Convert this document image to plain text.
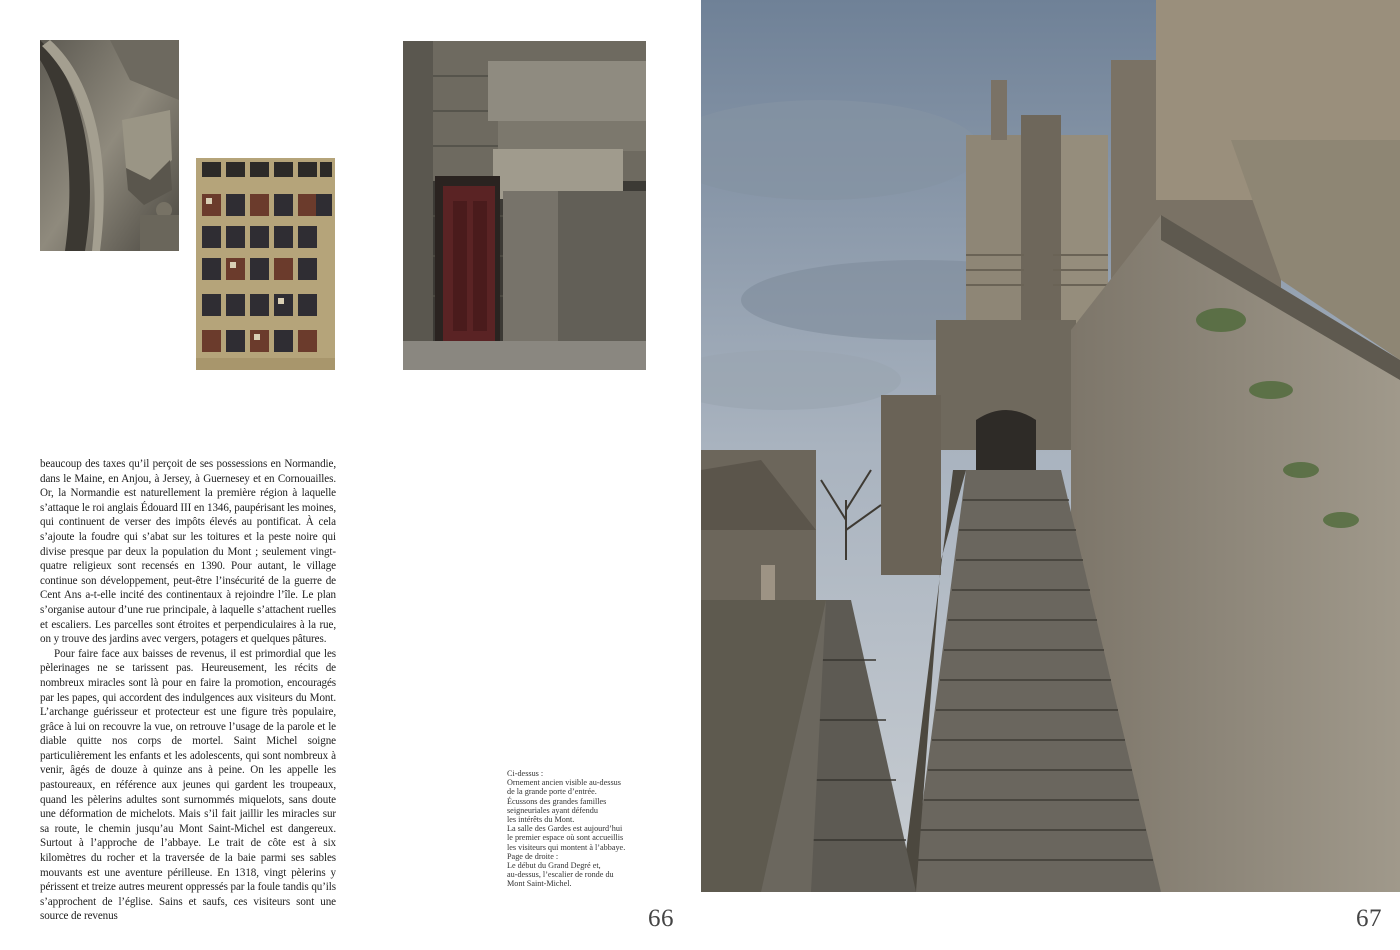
beaucoup des taxes qu’il perçoit de ses possessions en Normandie, dans le Maine, en Anjou, à Jersey, à Guernesey et en Cornouailles. Or, la Normandie est naturellement la première région à laquelle s’attaque le roi anglais Édouard III en 1346, paupérisant les moines, qui continuent de verser des impôts élevés au pontificat. À cela s’ajoute la foudre qui s’abat sur les toitures et la peste noire qui divise presque par deux la population du Mont ; seulement vingt-quatre religieux sont recensés en 1390. Pour autant, le village continue son développement, peut-être l’insécurité de la guerre de Cent Ans a-t-elle incité des continentaux à rejoindre l’île. Le plan s’organise autour d’une rue principale, à laquelle s’attachent ruelles et escaliers. Les parcelles sont étroites et perpendiculaires à la rue, on y trouve des jardins avec vergers, potagers et quelques pâtures.

Pour faire face aux baisses de revenus, il est primordial que les pèlerinages ne se tarissent pas. Heureusement, les récits de nombreux miracles sont là pour en faire la promotion, encouragés par les papes, qui accordent des indulgences aux visiteurs du Mont. L’archange guérisseur et protecteur est une figure très populaire, grâce à lui on recouvre la vue, on retrouve l’usage de la parole et le diable quitte nos corps de mortel. Saint Michel soigne particulièrement les enfants et les adolescents, qui sont nombreux à venir, âgés de douze à quinze ans à peine. On les appelle les pastoureaux, en référence aux jeunes qui gardent les troupeaux, quand les pèlerins adultes sont surnommés miquelots, sans doute une déformation de michelots. Mais s’il fait jaillir les miracles sur sa route, le chemin jusqu’au Mont Saint-Michel est dangereux. Surtout à l’approche de l’abbaye. Le trait de côte est à six kilomètres du rocher et la traversée de la baie parmi ses sables mouvants est une aventure périlleuse. En 1318, vingt pèlerins y périssent et treize autres meurent oppressés par la foule tandis qu’ils s’approchent de l’église. Sains et saufs, ces visiteurs sont une source de revenus

Ci-dessus :
Ornement ancien visible au-dessus
de la grande porte d’entrée.
Écussons des grandes familles
seigneuriales ayant défendu
les intérêts du Mont.
La salle des Gardes est aujourd’hui
le premier espace où sont accueillis
les visiteurs qui montent à l’abbaye.
Page de droite :
Le début du Grand Degré et,
au-dessus, l’escalier de ronde du
Mont Saint-Michel.
66	67
